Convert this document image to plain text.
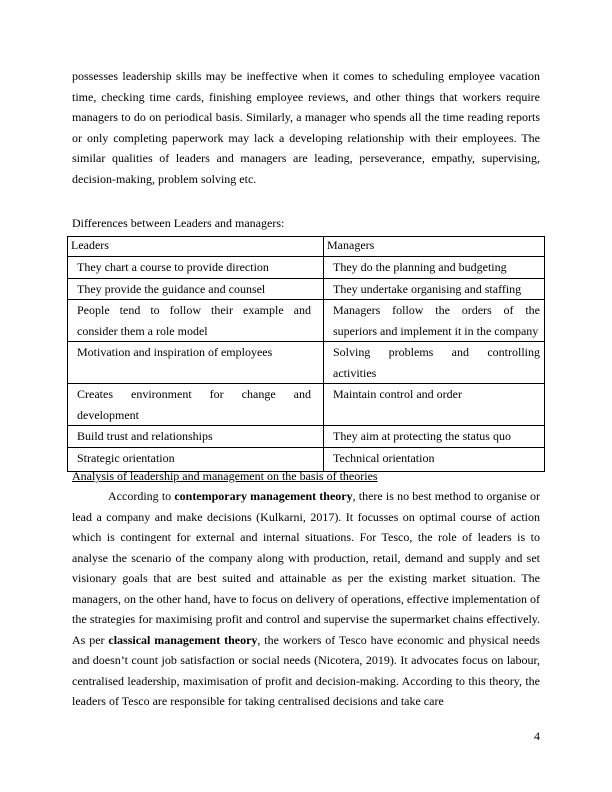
possesses leadership skills may be ineffective when it comes to scheduling employee vacation time, checking time cards, finishing employee reviews, and other things that workers require managers to do on periodical basis. Similarly, a manager who spends all the time reading reports or only completing paperwork may lack a developing relationship with their employees. The similar qualities of leaders and managers are leading, perseverance, empathy, supervising, decision-making, problem solving etc.

Differences between Leaders and managers:

Leaders	Managers
They chart a course to provide direction	They do the planning and budgeting
They provide the guidance and counsel	They undertake organising and staffing
People tend to follow their example and consider them a role model	Managers follow the orders of the superiors and implement it in the company
Motivation and inspiration of employees	Solving problems and controlling activities
Creates environment for change and development	Maintain control and order
Build trust and relationships	They aim at protecting the status quo
Strategic orientation	Technical orientation

Analysis of leadership and management on the basis of theories

According to contemporary management theory, there is no best method to organise or lead a company and make decisions (Kulkarni, 2017). It focusses on optimal course of action which is contingent for external and internal situations. For Tesco, the role of leaders is to analyse the scenario of the company along with production, retail, demand and supply and set visionary goals that are best suited and attainable as per the existing market situation. The managers, on the other hand, have to focus on delivery of operations, effective implementation of the strategies for maximising profit and control and supervise the supermarket chains effectively. As per classical management theory, the workers of Tesco have economic and physical needs and doesn’t count job satisfaction or social needs (Nicotera, 2019). It advocates focus on labour, centralised leadership, maximisation of profit and decision-making. According to this theory, the leaders of Tesco are responsible for taking centralised decisions and take care

4
